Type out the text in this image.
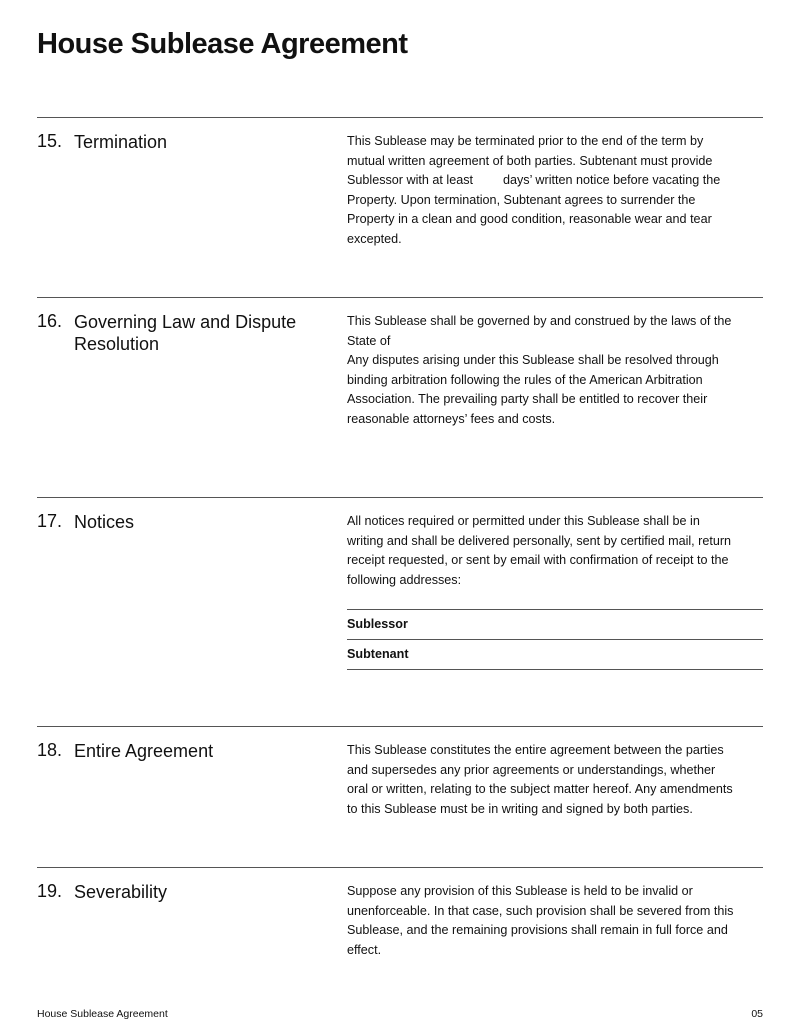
House Sublease Agreement
15. Termination	This Sublease may be terminated prior to the end of the term by
mutual written agreement of both parties. Subtenant must provide
Sublessor with at least days’ written notice before vacating the
Property. Upon termination, Subtenant agrees to surrender the
Property in a clean and good condition, reasonable wear and tear
excepted.
16. Governing Law and Dispute Resolution
This Sublease shall be governed by and construed by the laws of the
State of
Any disputes arising under this Sublease shall be resolved through
binding arbitration following the rules of the American Arbitration
Association. The prevailing party shall be entitled to recover their
reasonable attorneys’ fees and costs.
17. Notices	All notices required or permitted under this Sublease shall be in
writing and shall be delivered personally, sent by certified mail, return
receipt requested, or sent by email with confirmation of receipt to the
following addresses:
Sublessor
Subtenant
18. Entire Agreement	This Sublease constitutes the entire agreement between the parties
and supersedes any prior agreements or understandings, whether
oral or written, relating to the subject matter hereof. Any amendments
to this Sublease must be in writing and signed by both parties.
19. Severability	Suppose any provision of this Sublease is held to be invalid or
unenforceable. In that case, such provision shall be severed from this
Sublease, and the remaining provisions shall remain in full force and
effect.
House Sublease Agreement	05
